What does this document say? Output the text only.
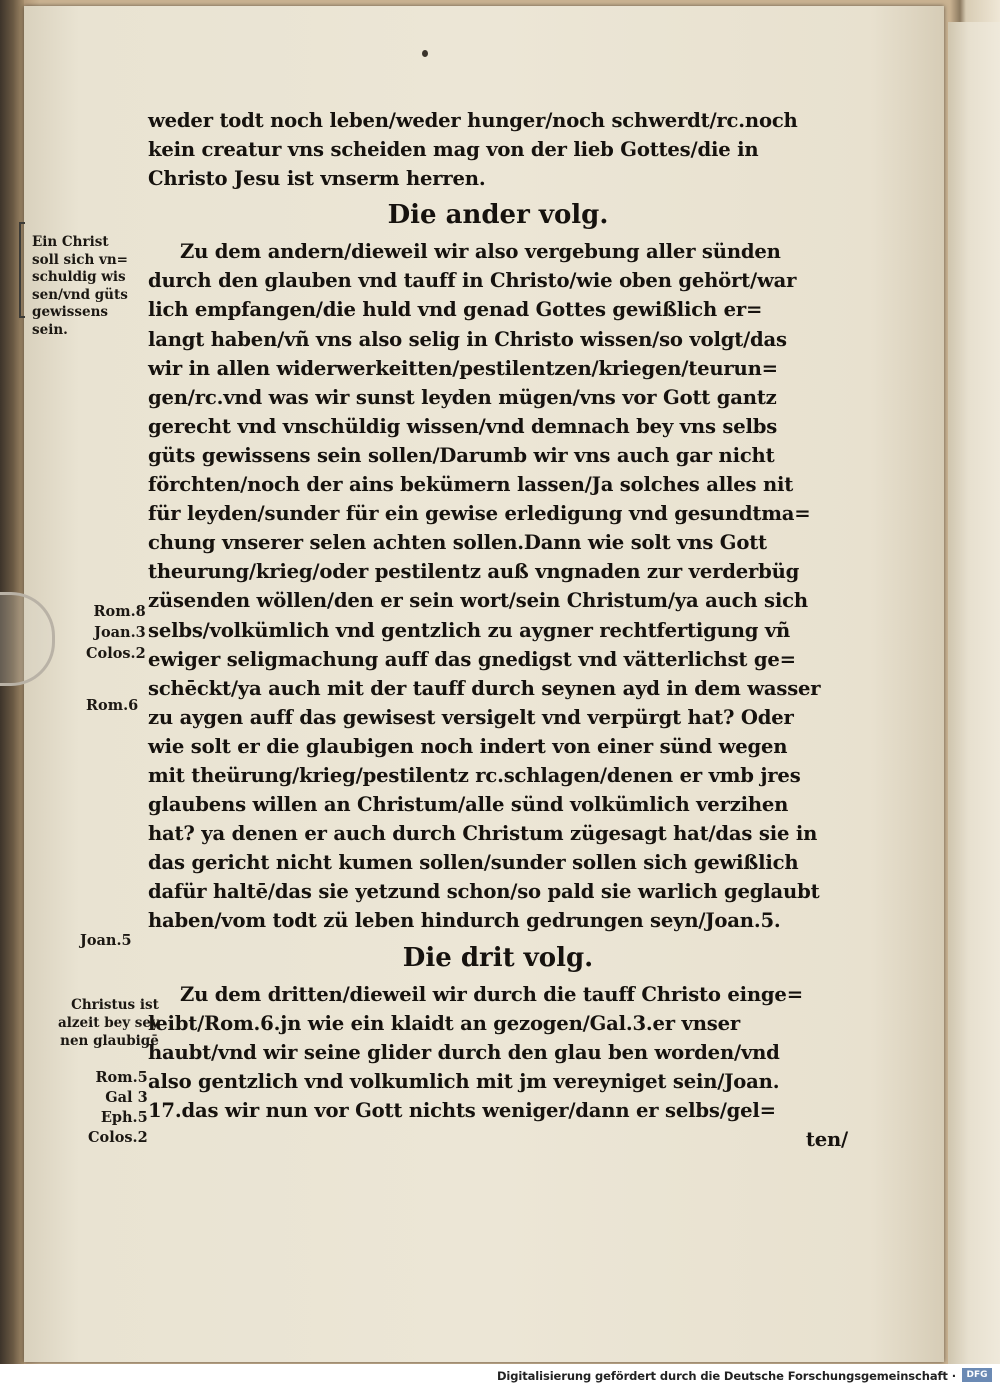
weder todt noch leben/weder hunger/noch schwerdt/rc.noch
kein creatur vns scheiden mag von der lieb Gottes/die in
Christo Jesu ist vnserm herren.
Die ander volg.
Zu dem andern/dieweil wir also vergebung aller sünden
durch den glauben vnd tauff in Christo/wie oben gehört/war
lich empfangen/die huld vnd genad Gottes gewißlich er=
langt haben/vñ vns also selig in Christo wissen/so volgt/das
wir in allen widerwerkeitten/pestilentzen/kriegen/teurun=
gen/rc.vnd was wir sunst leyden mügen/vns vor Gott gantz
gerecht vnd vnschüldig wissen/vnd demnach bey vns selbs
güts gewissens sein sollen/Darumb wir vns auch gar nicht
förchten/noch der ains bekümern lassen/Ja solches alles nit
für leyden/sunder für ein gewise erledigung vnd gesundtma=
chung vnserer selen achten sollen.Dann wie solt vns Gott
theurung/krieg/oder pestilentz auß vngnaden zur verderbüg
züsenden wöllen/den er sein wort/sein Christum/ya auch sich
selbs/volkümlich vnd gentzlich zu aygner rechtfertigung vñ
ewiger seligmachung auff das gnedigst vnd vätterlichst ge=
schēckt/ya auch mit der tauff durch seynen ayd in dem wasser
zu aygen auff das gewisest versigelt vnd verpürgt hat? Oder
wie solt er die glaubigen noch indert von einer sünd wegen
mit theürung/krieg/pestilentz rc.schlagen/denen er vmb jres
glaubens willen an Christum/alle sünd volkümlich verzihen
hat? ya denen er auch durch Christum zügesagt hat/das sie in
das gericht nicht kumen sollen/sunder sollen sich gewißlich
dafür haltē/das sie yetzund schon/so pald sie warlich geglaubt
haben/vom todt zü leben hindurch gedrungen seyn/Joan.5.
Die drit volg.
Zu dem dritten/dieweil wir durch die tauff Christo einge=
leibt/Rom.6.jn wie ein klaidt an gezogen/Gal.3.er vnser
haubt/vnd wir seine glider durch den glau ben worden/vnd
also gentzlich vnd volkumlich mit jm vereyniget sein/Joan.
17.das wir nun vor Gott nichts weniger/dann er selbs/gel=
ten/
Ein Christ
soll sich vn=
schuldig wis
sen/vnd güts
gewissens
sein.
Rom.8
Joan.3
Colos.2
Rom.6
Joan.5
Christus ist
alzeit bey sey
nen glaubigē
Rom.5
Gal 3
Eph.5
Colos.2
Digitalisierung gefördert durch die Deutsche Forschungsgemeinschaft ·	DFG
